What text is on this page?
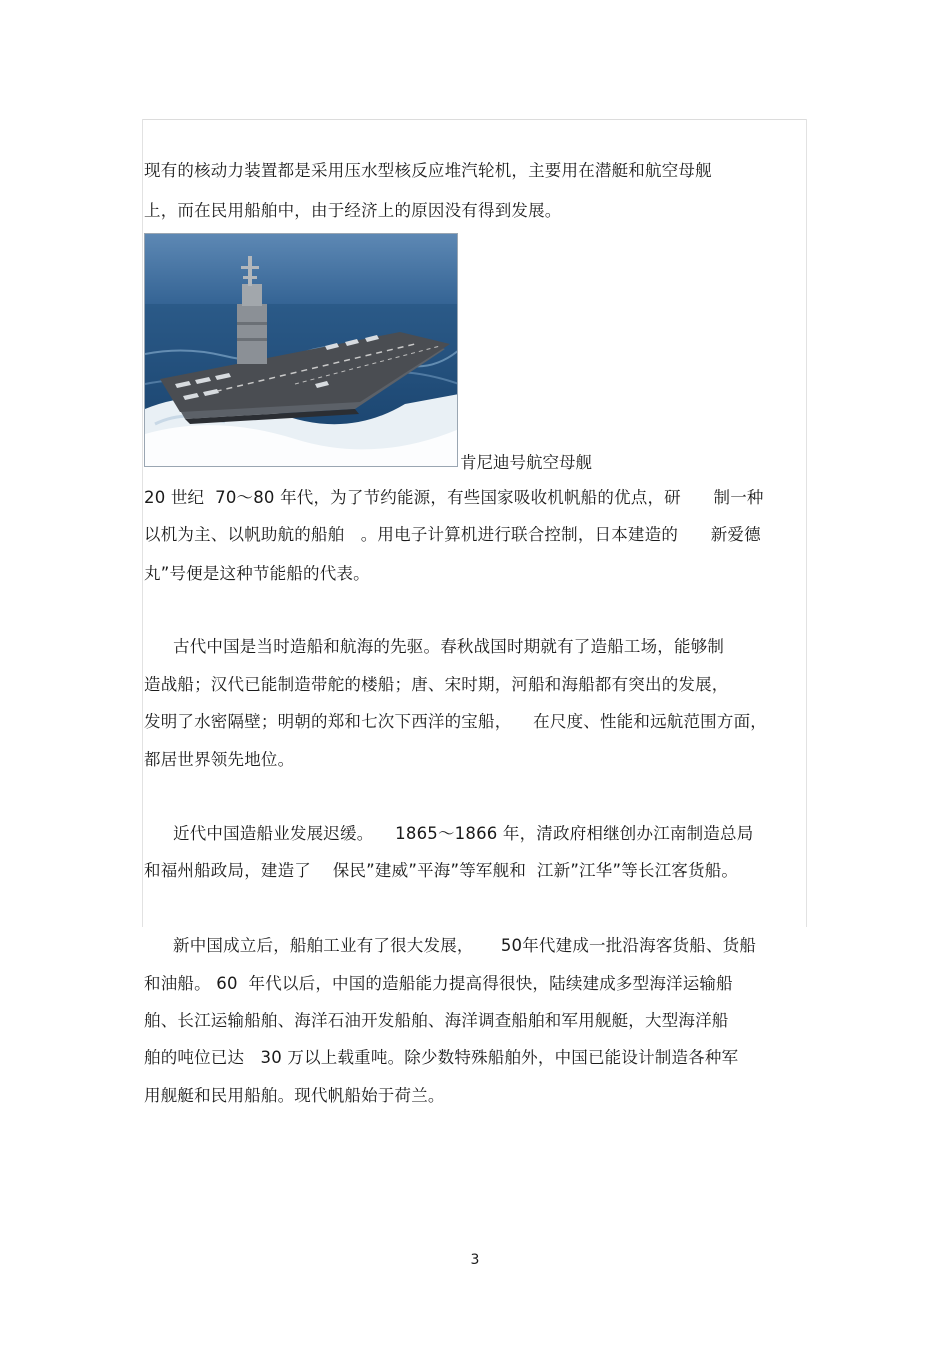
现有的核动力装置都是采用压水型核反应堆汽轮机，主要用在潜艇和航空母舰
上，而在民用船舶中，由于经济上的原因没有得到发展。
肯尼迪号航空母舰
20 世纪  70～80 年代，为了节约能源，有些国家吸收机帆船的优点，研      制一种
以机为主、以帆助航的船舶   。用电子计算机进行联合控制，日本建造的      新爱德
丸”号便是这种节能船的代表。
古代中国是当时造船和航海的先驱。春秋战国时期就有了造船工场，能够制
造战船；汉代已能制造带舵的楼船；唐、宋时期，河船和海船都有突出的发展，
发明了水密隔壁；明朝的郑和七次下西洋的宝船，    在尺度、性能和远航范围方面，
都居世界领先地位。
近代中国造船业发展迟缓。    1865～1866 年，清政府相继创办江南制造总局
和福州船政局，建造了    保民”建威”平海”等军舰和  江新”江华”等长江客货船。
新中国成立后，船舶工业有了很大发展，     50年代建成一批沿海客货船、货船
和油船。 60  年代以后，中国的造船能力提高得很快，陆续建成多型海洋运输船
舶、长江运输船舶、海洋石油开发船舶、海洋调查船舶和军用舰艇，大型海洋船
舶的吨位已达   30 万以上载重吨。除少数特殊船舶外，中国已能设计制造各种军
用舰艇和民用船舶。现代帆船始于荷兰。
3
